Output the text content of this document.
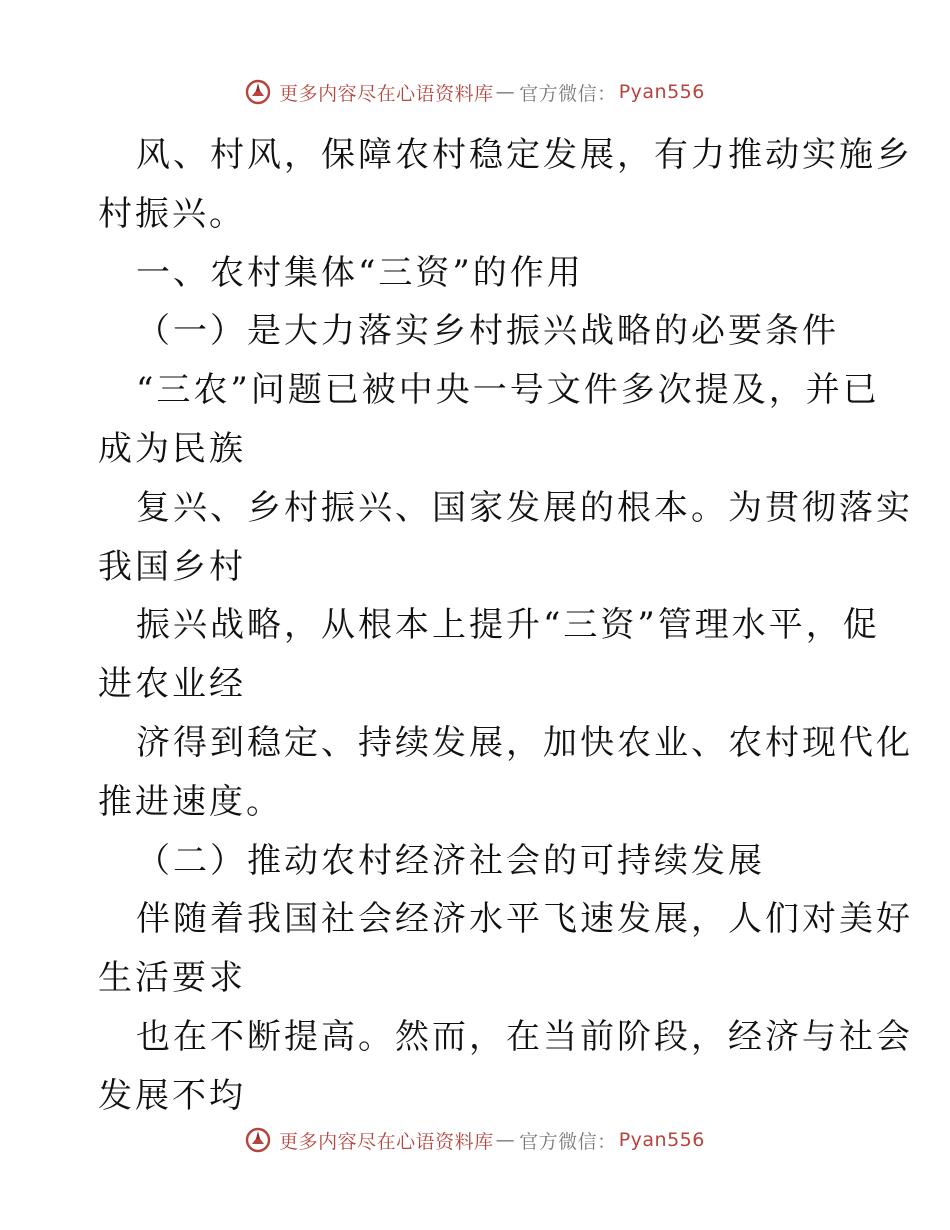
更多内容尽在心语资料库 — 官方微信： Pyan556
风、村风，保障农村稳定发展，有力推动实施乡
村振兴。
一、农村集体“三资”的作用
（一）是大力落实乡村振兴战略的必要条件
“三农”问题已被中央一号文件多次提及，并已
成为民族
复兴、乡村振兴、国家发展的根本。为贯彻落实
我国乡村
振兴战略，从根本上提升“三资”管理水平，促
进农业经
济得到稳定、持续发展，加快农业、农村现代化
推进速度。
（二）推动农村经济社会的可持续发展
伴随着我国社会经济水平飞速发展，人们对美好
生活要求
也在不断提高。然而，在当前阶段，经济与社会
发展不均
更多内容尽在心语资料库 — 官方微信： Pyan556
